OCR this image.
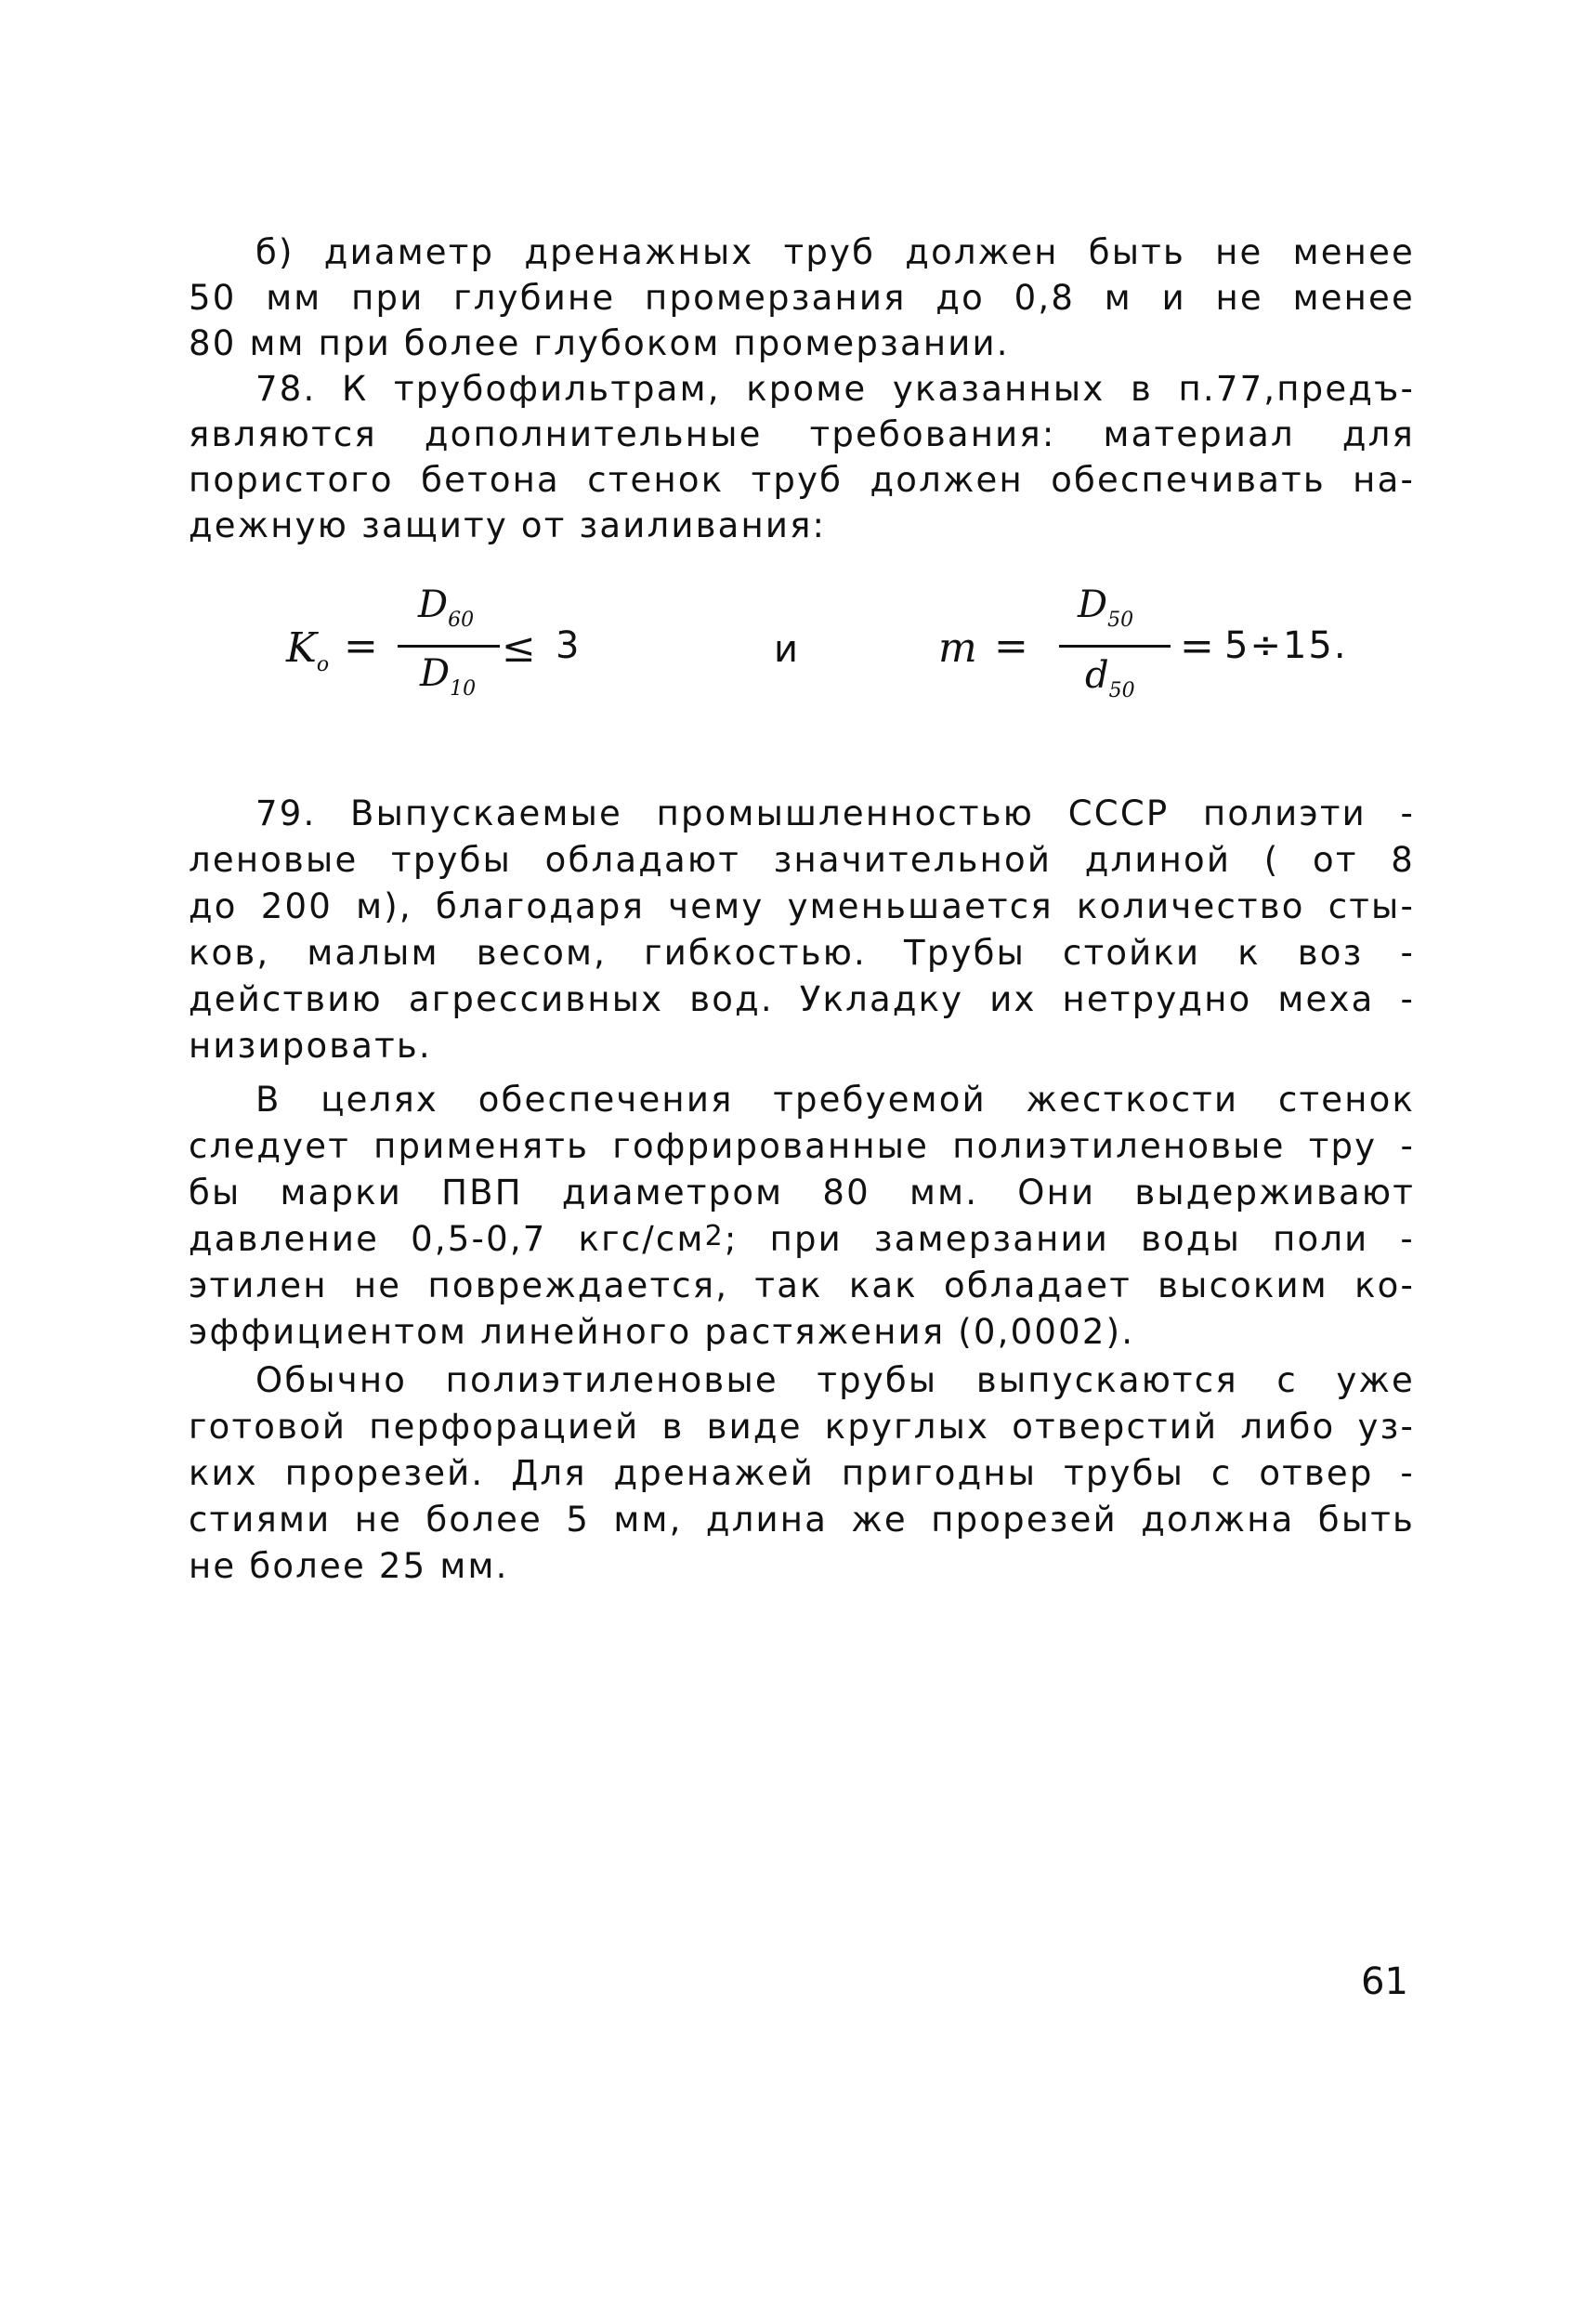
б) диаметр дренажных труб должен быть не менее
50 мм при глубине промерзания до 0,8 м и не менее
80 мм при более глубоком промерзании.
78. К трубофильтрам, кроме указанных в п.77,предъ-
являются дополнительные требования: материал для
пористого бетона стенок труб должен обеспечивать на-
дежную защиту от заиливания:
$K_o$ =
$D_{60}$
$D_{10}$
≤ 3	и	m =
$D_{50}$
$d_{50}$
= 5÷15.
79. Выпускаемые промышленностью СССР полиэти -
леновые трубы обладают значительной длиной ( от 8
до 200 м), благодаря чему уменьшается количество сты-
ков, малым весом, гибкостью. Трубы стойки к воз -
действию агрессивных вод. Укладку их нетрудно меха -
низировать.
В целях обеспечения требуемой жесткости стенок
следует применять гофрированные полиэтиленовые тру -
бы марки ПВП диаметром 80 мм. Они выдерживают
давление 0,5-0,7 кгс/$см^2$; при замерзании воды поли -
этилен не повреждается, так как обладает высоким ко-
эффициентом линейного растяжения (0,0002).
Обычно полиэтиленовые трубы выпускаются с уже
готовой перфорацией в виде круглых отверстий либо уз-
ких прорезей. Для дренажей пригодны трубы с отвер -
стиями не более 5 мм, длина же прорезей должна быть
не более 25 мм.
61
